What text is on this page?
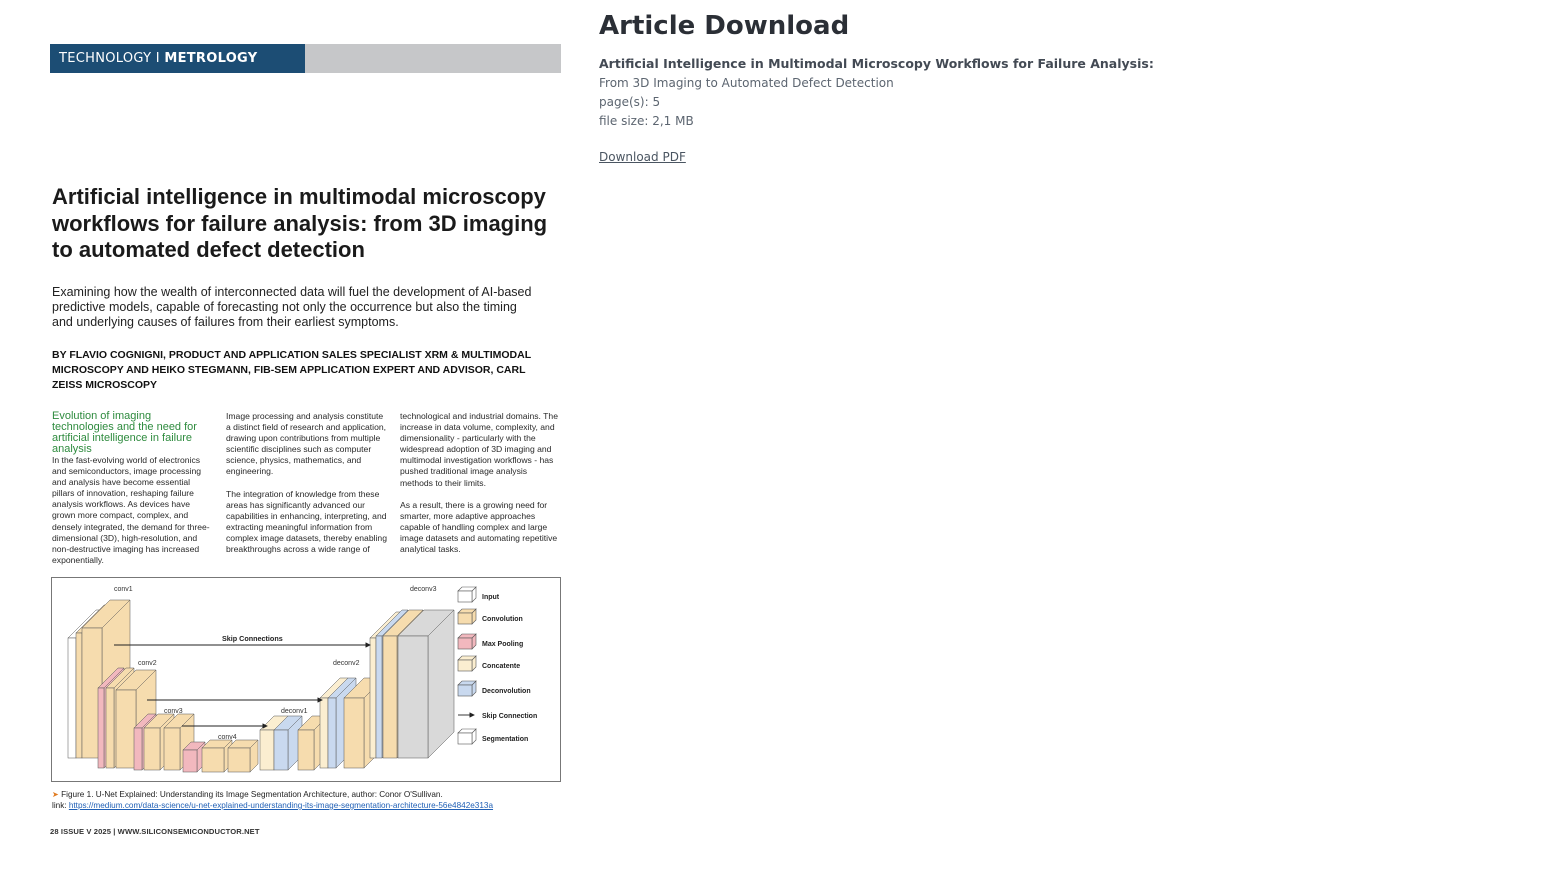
TECHNOLOGY I METROLOGY
Artificial intelligence in multimodal microscopy workflows for failure analysis: from 3D imaging to automated defect detection
Examining how the wealth of interconnected data will fuel the development of AI-based predictive models, capable of forecasting not only the occurrence but also the timing and underlying causes of failures from their earliest symptoms.
BY FLAVIO COGNIGNI, PRODUCT AND APPLICATION SALES SPECIALIST XRM & MULTIMODAL MICROSCOPY AND HEIKO STEGMANN, FIB-SEM APPLICATION EXPERT AND ADVISOR, CARL ZEISS MICROSCOPY
Evolution of imaging technologies and the need for artificial intelligence in failure analysis

In the fast-evolving world of electronics and semiconductors, image processing and analysis have become essential pillars of innovation, reshaping failure analysis workflows. As devices have grown more compact, complex, and densely integrated, the demand for three-dimensional (3D), high-resolution, and non-destructive imaging has increased exponentially.

Image processing and analysis constitute a distinct field of research and application, drawing upon contributions from multiple scientific disciplines such as computer science, physics, mathematics, and engineering.

The integration of knowledge from these areas has significantly advanced our capabilities in enhancing, interpreting, and extracting meaningful information from complex image datasets, thereby enabling breakthroughs across a wide range of

technological and industrial domains. The increase in data volume, complexity, and dimensionality - particularly with the widespread adoption of 3D imaging and multimodal investigation workflows - has pushed traditional image analysis methods to their limits.

As a result, there is a growing need for smarter, more adaptive approaches capable of handling complex and large image datasets and automating repetitive analytical tasks.

conv1
conv2
conv3
conv4
deconv1
deconv2
deconv3
Skip Connections
Input
Convolution
Max Pooling
Concatente
Deconvolution
Skip Connection
Segmentation
➤ Figure 1. U-Net Explained: Understanding its Image Segmentation Architecture, author: Conor O'Sullivan.
link: https://medium.com/data-science/u-net-explained-understanding-its-image-segmentation-architecture-56e4842e313a
28 ISSUE V 2025 | WWW.SILICONSEMICONDUCTOR.NET
Article Download
Artificial Intelligence in Multimodal Microscopy Workflows for Failure Analysis:
From 3D Imaging to Automated Defect Detection
page(s): 5
file size: 2,1 MB
Download PDF
